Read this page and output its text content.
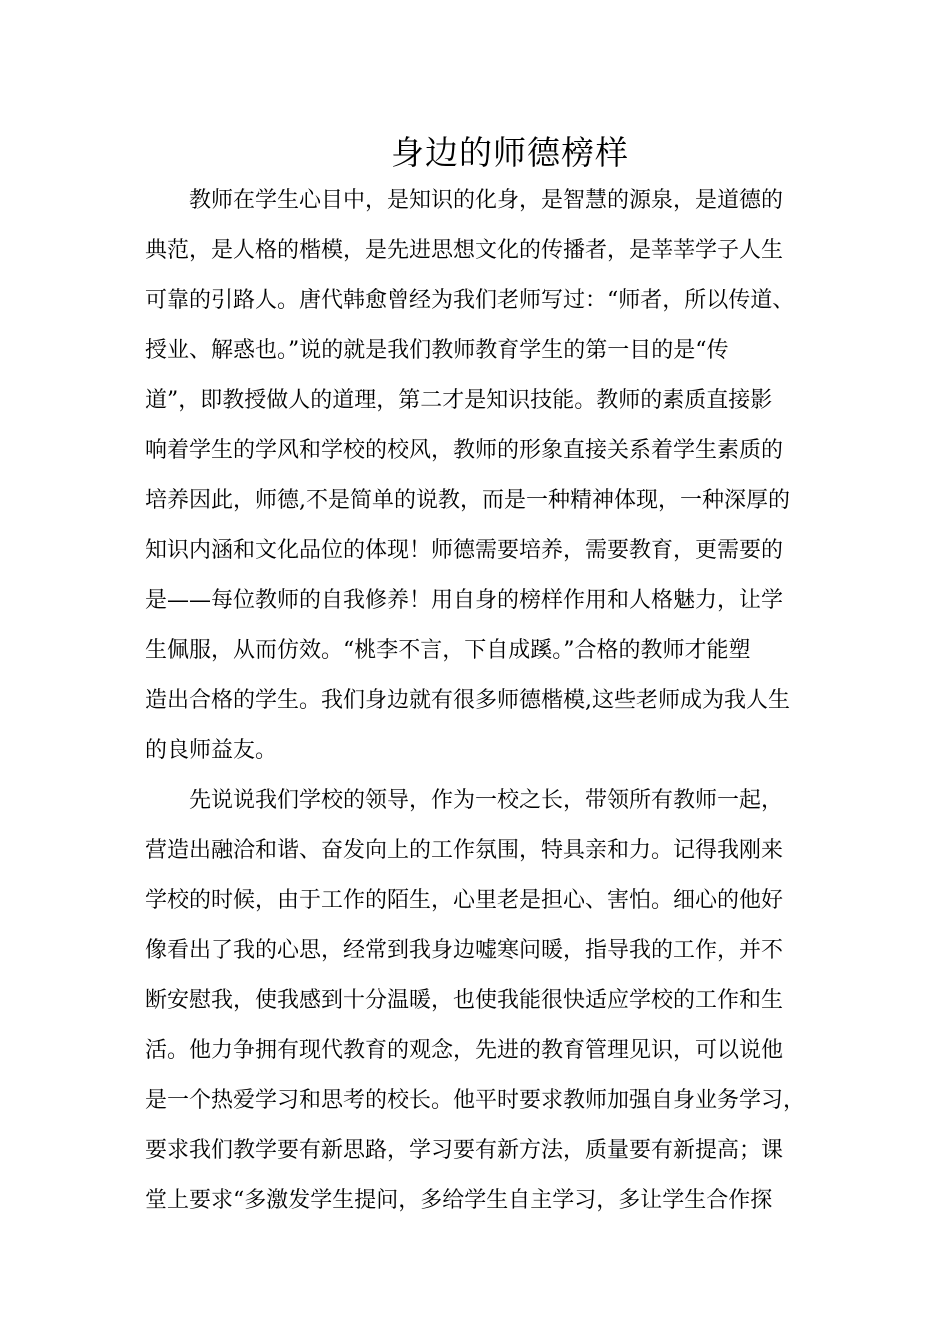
身边的师德榜样

教师在学生心目中，是知识的化身，是智慧的源泉，是道德的

典范，是人格的楷模，是先进思想文化的传播者，是莘莘学子人生

可靠的引路人。唐代韩愈曾经为我们老师写过：“师者，所以传道、

授业、解惑也。”说的就是我们教师教育学生的第一目的是“传

道”，即教授做人的道理，第二才是知识技能。教师的素质直接影

响着学生的学风和学校的校风，教师的形象直接关系着学生素质的

培养因此，师德,不是简单的说教，而是一种精神体现，一种深厚的

知识内涵和文化品位的体现！师德需要培养，需要教育，更需要的

是——每位教师的自我修养！用自身的榜样作用和人格魅力，让学

生佩服，从而仿效。“桃李不言，下自成蹊。”合格的教师才能塑

造出合格的学生。我们身边就有很多师德楷模,这些老师成为我人生

的良师益友。

先说说我们学校的领导，作为一校之长，带领所有教师一起，

营造出融洽和谐、奋发向上的工作氛围，特具亲和力。记得我刚来

学校的时候，由于工作的陌生，心里老是担心、害怕。细心的他好

像看出了我的心思，经常到我身边嘘寒问暖，指导我的工作，并不

断安慰我，使我感到十分温暖，也使我能很快适应学校的工作和生

活。他力争拥有现代教育的观念，先进的教育管理见识，可以说他

是一个热爱学习和思考的校长。他平时要求教师加强自身业务学习，

要求我们教学要有新思路，学习要有新方法，质量要有新提高；课

堂上要求“多激发学生提问，多给学生自主学习，多让学生合作探
